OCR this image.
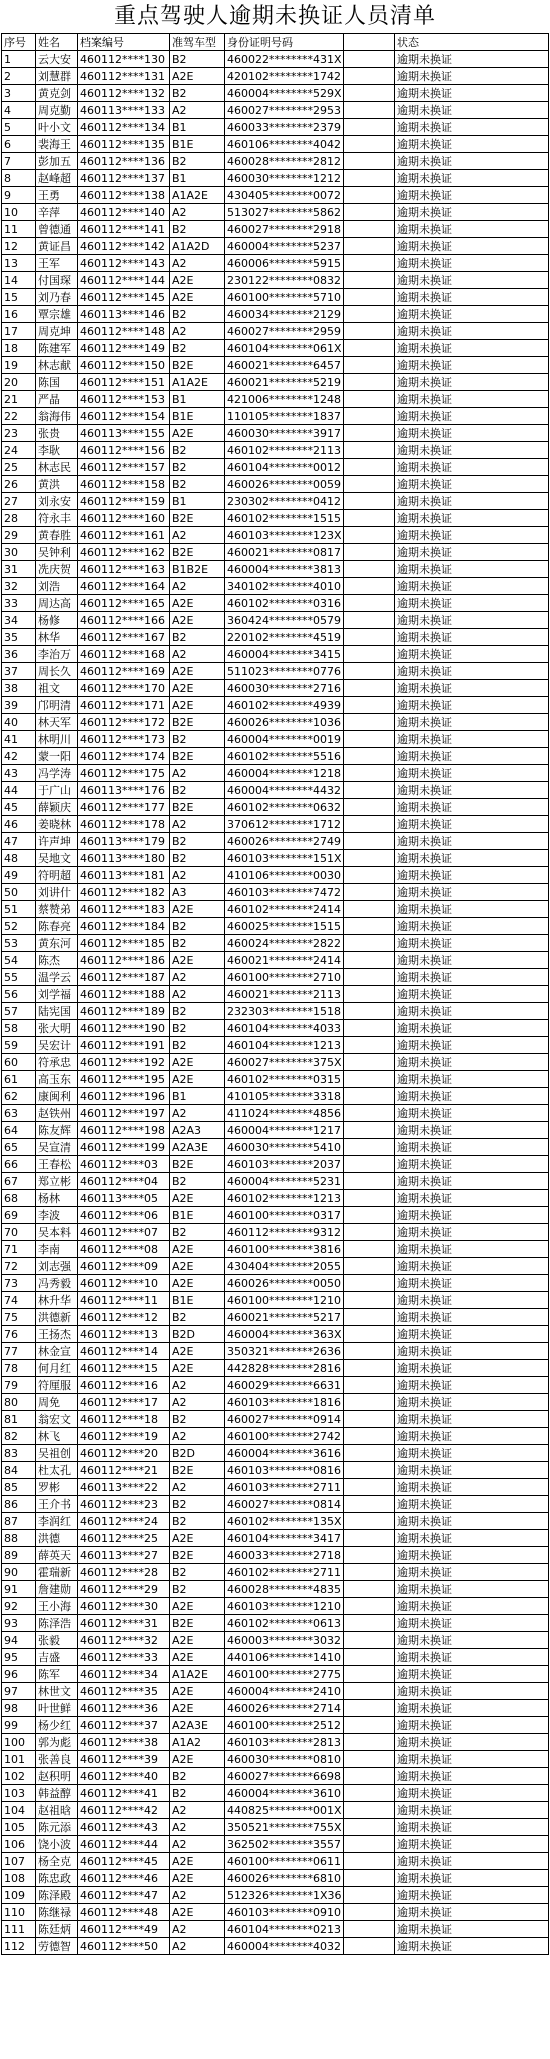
重点驾驶人逾期未换证人员清单
序号	姓名	档案编号	准驾车型	身份证明号码		状态
1	云大安	460112****130	B2	460022********431X		逾期未换证
2	刘慧群	460112****131	A2E	420102********1742		逾期未换证
3	黄克剑	460112****132	B2	460004********529X		逾期未换证
4	周克勤	460113****133	A2	460027********2953		逾期未换证
5	叶小文	460112****134	B1	460033********2379		逾期未换证
6	裴海王	460112****135	B1E	460106********4042		逾期未换证
7	彭加五	460112****136	B2	460028********2812		逾期未换证
8	赵峰超	460112****137	B1	460030********1212		逾期未换证
9	王勇	460112****138	A1A2E	430405********0072		逾期未换证
10	辛萍	460112****140	A2	513027********5862		逾期未换证
11	曾德通	460112****141	B2	460027********2918		逾期未换证
12	黄证昌	460112****142	A1A2D	460004********5237		逾期未换证
13	王军	460112****143	A2	460006********5915		逾期未换证
14	付国琛	460112****144	A2E	230122********0832		逾期未换证
15	刘乃春	460112****145	A2E	460100********5710		逾期未换证
16	覃宗雄	460113****146	B2	460034********2129		逾期未换证
17	周克坤	460112****148	A2	460027********2959		逾期未换证
18	陈建军	460112****149	B2	460104********061X		逾期未换证
19	林志献	460112****150	B2E	460021********6457		逾期未换证
20	陈国	460112****151	A1A2E	460021********5219		逾期未换证
21	严晶	460112****153	B1	421006********1248		逾期未换证
22	翁海伟	460112****154	B1E	110105********1837		逾期未换证
23	张贵	460113****155	A2E	460030********3917		逾期未换证
24	李耿	460112****156	B2	460102********2113		逾期未换证
25	林志民	460112****157	B2	460104********0012		逾期未换证
26	黄洪	460112****158	B2	460026********0059		逾期未换证
27	刘永安	460112****159	B1	230302********0412		逾期未换证
28	符永丰	460112****160	B2E	460102********1515		逾期未换证
29	黄春胜	460112****161	A2	460103********123X		逾期未换证
30	吴钟利	460112****162	B2E	460021********0817		逾期未换证
31	冼庆贺	460112****163	B1B2E	460004********3813		逾期未换证
32	刘浩	460112****164	A2	340102********4010		逾期未换证
33	周达高	460112****165	A2E	460102********0316		逾期未换证
34	杨修	460112****166	A2E	360424********0579		逾期未换证
35	林华	460112****167	B2	220102********4519		逾期未换证
36	李治万	460112****168	A2	460004********3415		逾期未换证
37	周长久	460112****169	A2E	511023********0776		逾期未换证
38	祖文	460112****170	A2E	460030********2716		逾期未换证
39	邝明清	460112****171	A2E	460102********4939		逾期未换证
40	林天军	460112****172	B2E	460026********1036		逾期未换证
41	林明川	460112****173	B2	460004********0019		逾期未换证
42	蒙一阳	460112****174	B2E	460102********5516		逾期未换证
43	冯学涛	460112****175	A2	460004********1218		逾期未换证
44	于广山	460113****176	B2	460004********4432		逾期未换证
45	薛颖庆	460112****177	B2E	460102********0632		逾期未换证
46	姜晓林	460112****178	A2	370612********1712		逾期未换证
47	许声坤	460113****179	B2	460026********2749		逾期未换证
48	吴地文	460113****180	B2	460103********151X		逾期未换证
49	符明超	460113****181	A2	410106********0030		逾期未换证
50	刘讲什	460112****182	A3	460103********7472		逾期未换证
51	蔡赞弟	460112****183	A2E	460102********2414		逾期未换证
52	陈春亮	460112****184	B2	460025********1515		逾期未换证
53	黄东河	460112****185	B2	460024********2822		逾期未换证
54	陈杰	460112****186	A2E	460021********2414		逾期未换证
55	温学云	460112****187	A2	460100********2710		逾期未换证
56	刘学福	460112****188	A2	460021********2113		逾期未换证
57	陆宪国	460112****189	B2	232303********1518		逾期未换证
58	张大明	460112****190	B2	460104********4033		逾期未换证
59	吴宏计	460112****191	B2	460104********1213		逾期未换证
60	符承忠	460112****192	A2E	460027********375X		逾期未换证
61	高玉东	460112****195	A2E	460102********0315		逾期未换证
62	康闽利	460112****196	B1	410105********3318		逾期未换证
63	赵铁州	460112****197	A2	411024********4856		逾期未换证
64	陈友辉	460112****198	A2A3	460004********1217		逾期未换证
65	吴宣清	460112****199	A2A3E	460030********5410		逾期未换证
66	王春松	460112****03	B2E	460103********2037		逾期未换证
67	郑立彬	460112****04	B2	460004********5231		逾期未换证
68	杨林	460113****05	A2E	460102********1213		逾期未换证
69	李波	460112****06	B1E	460100********0317		逾期未换证
70	吴本料	460112****07	B2	460112********9312		逾期未换证
71	李南	460112****08	A2E	460100********3816		逾期未换证
72	刘志强	460112****09	A2E	430404********2055		逾期未换证
73	冯秀毅	460112****10	A2E	460026********0050		逾期未换证
74	林升华	460112****11	B1E	460100********1210		逾期未换证
75	洪德新	460112****12	B2	460021********5217		逾期未换证
76	王扬杰	460112****13	B2D	460004********363X		逾期未换证
77	林金宣	460112****14	A2E	350321********2636		逾期未换证
78	何月红	460112****15	A2E	442828********2816		逾期未换证
79	符厘服	460112****16	A2	460029********6631		逾期未换证
80	周免	460112****17	A2	460103********1816		逾期未换证
81	翁宏文	460112****18	B2	460027********0914		逾期未换证
82	林飞	460112****19	A2	460100********2742		逾期未换证
83	吴祖创	460112****20	B2D	460004********3616		逾期未换证
84	杜太孔	460112****21	B2E	460103********0816		逾期未换证
85	罗彬	460113****22	A2	460103********2711		逾期未换证
86	王介书	460112****23	B2	460027********0814		逾期未换证
87	李润红	460112****24	B2	460102********135X		逾期未换证
88	洪德	460112****25	A2E	460104********3417		逾期未换证
89	薛英天	460113****27	B2E	460033********2718		逾期未换证
90	霍瑞新	460112****28	B2	460102********2711		逾期未换证
91	詹建勋	460112****29	B2	460028********4835		逾期未换证
92	王小海	460112****30	A2E	460103********1210		逾期未换证
93	陈泽浩	460112****31	B2E	460102********0613		逾期未换证
94	张毅	460112****32	A2E	460003********3032		逾期未换证
95	吉盛	460112****33	A2E	440106********1410		逾期未换证
96	陈军	460112****34	A1A2E	460100********2775		逾期未换证
97	林世文	460112****35	A2E	460004********2410		逾期未换证
98	叶世鲜	460112****36	A2E	460026********2714		逾期未换证
99	杨少红	460112****37	A2A3E	460100********2512		逾期未换证
100	郭为彪	460112****38	A1A2	460103********2813		逾期未换证
101	张善良	460112****39	A2E	460030********0810		逾期未换证
102	赵积明	460112****40	B2	460027********6698		逾期未换证
103	韩益醇	460112****41	B2	460004********3610		逾期未换证
104	赵祖晗	460112****42	A2	440825********001X		逾期未换证
105	陈元添	460112****43	A2	350521********755X		逾期未换证
106	饶小波	460112****44	A2	362502********3557		逾期未换证
107	杨全克	460112****45	A2E	460100********0611		逾期未换证
108	陈忠政	460112****46	A2E	460026********6810		逾期未换证
109	陈泽殿	460112****47	A2	512326********1X36		逾期未换证
110	陈继禄	460112****48	A2E	460103********0910		逾期未换证
111	陈廷炳	460112****49	A2	460104********0213		逾期未换证
112	劳德智	460112****50	A2	460004********4032		逾期未换证
